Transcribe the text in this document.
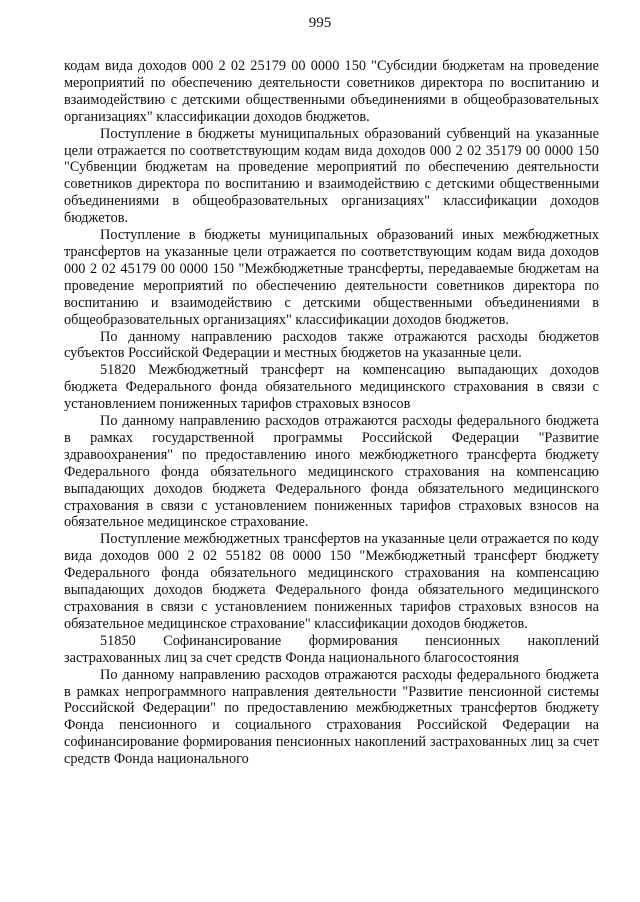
995

кодам вида доходов 000 2 02 25179 00 0000 150 "Субсидии бюджетам на проведение мероприятий по обеспечению деятельности советников директора по воспитанию и взаимодействию с детскими общественными объединениями в общеобразовательных организациях" классификации доходов бюджетов.

Поступление в бюджеты муниципальных образований субвенций на указанные цели отражается по соответствующим кодам вида доходов 000 2 02 35179 00 0000 150 "Субвенции бюджетам на проведение мероприятий по обеспечению деятельности советников директора по воспитанию и взаимодействию с детскими общественными объединениями в общеобразовательных организациях" классификации доходов бюджетов.

Поступление в бюджеты муниципальных образований иных межбюджетных трансфертов на указанные цели отражается по соответствующим кодам вида доходов 000 2 02 45179 00 0000 150 "Межбюджетные трансферты, передаваемые бюджетам на проведение мероприятий по обеспечению деятельности советников директора по воспитанию и взаимодействию с детскими общественными объединениями в общеобразовательных организациях" классификации доходов бюджетов.

По данному направлению расходов также отражаются расходы бюджетов субъектов Российской Федерации и местных бюджетов на указанные цели.

51820 Межбюджетный трансферт на компенсацию выпадающих доходов бюджета Федерального фонда обязательного медицинского страхования в связи с установлением пониженных тарифов страховых взносов

По данному направлению расходов отражаются расходы федерального бюджета в рамках государственной программы Российской Федерации "Развитие здравоохранения" по предоставлению иного межбюджетного трансферта бюджету Федерального фонда обязательного медицинского страхования на компенсацию выпадающих доходов бюджета Федерального фонда обязательного медицинского страхования в связи с установлением пониженных тарифов страховых взносов на обязательное медицинское страхование.

Поступление межбюджетных трансфертов на указанные цели отражается по коду вида доходов 000 2 02 55182 08 0000 150 "Межбюджетный трансферт бюджету Федерального фонда обязательного медицинского страхования на компенсацию выпадающих доходов бюджета Федерального фонда обязательного медицинского страхования в связи с установлением пониженных тарифов страховых взносов на обязательное медицинское страхование" классификации доходов бюджетов.

51850 Софинансирование формирования пенсионных накоплений застрахованных лиц за счет средств Фонда национального благосостояния

По данному направлению расходов отражаются расходы федерального бюджета в рамках непрограммного направления деятельности "Развитие пенсионной системы Российской Федерации" по предоставлению межбюджетных трансфертов бюджету Фонда пенсионного и социального страхования Российской Федерации на софинансирование формирования пенсионных накоплений застрахованных лиц за счет средств Фонда национального
